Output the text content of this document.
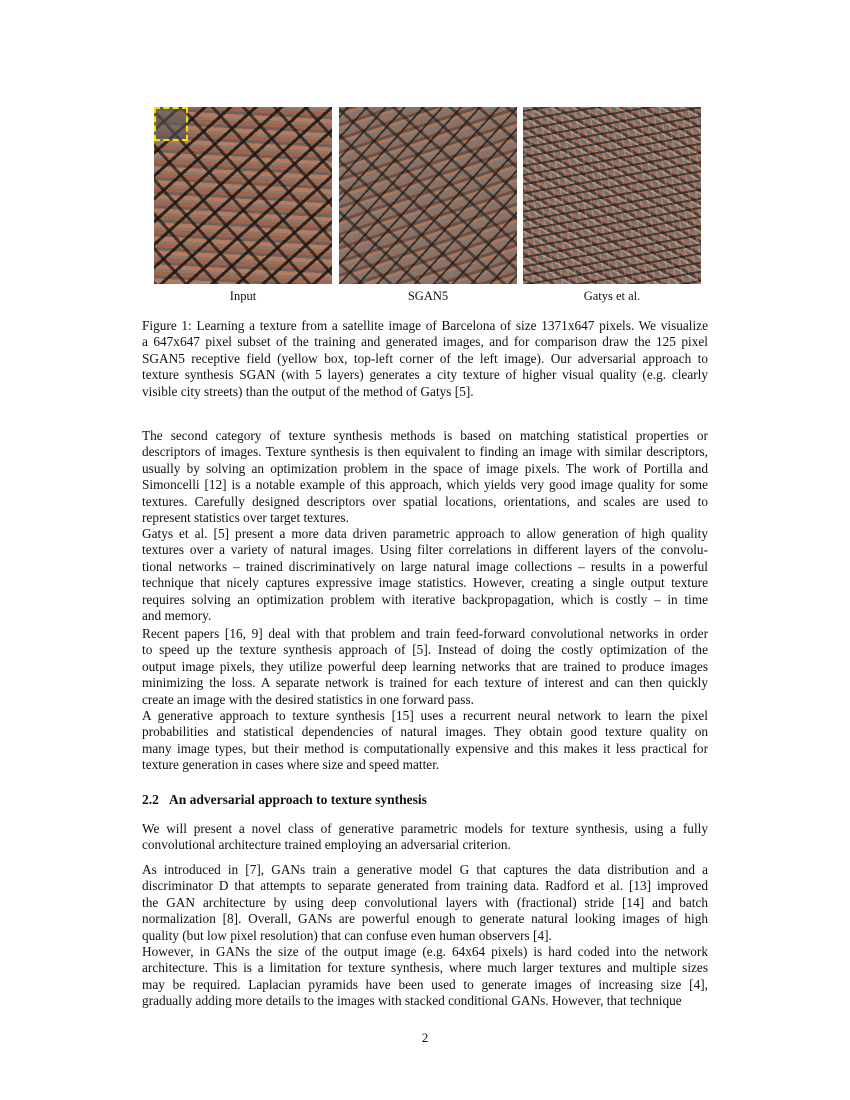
Input	SGAN5	Gatys et al.
Figure 1: Learning a texture from a satellite image of Barcelona of size 1371x647 pixels. We visualize
a 647x647 pixel subset of the training and generated images, and for comparison draw the 125 pixel
SGAN5 receptive field (yellow box, top-left corner of the left image). Our adversarial approach to
texture synthesis SGAN (with 5 layers) generates a city texture of higher visual quality (e.g. clearly
visible city streets) than the output of the method of Gatys [5].
The second category of texture synthesis methods is based on matching statistical properties or
descriptors of images. Texture synthesis is then equivalent to finding an image with similar descriptors,
usually by solving an optimization problem in the space of image pixels. The work of Portilla and
Simoncelli [12] is a notable example of this approach, which yields very good image quality for some
textures. Carefully designed descriptors over spatial locations, orientations, and scales are used to
represent statistics over target textures.
Gatys et al. [5] present a more data driven parametric approach to allow generation of high quality
textures over a variety of natural images. Using filter correlations in different layers of the convolu-
tional networks – trained discriminatively on large natural image collections – results in a powerful
technique that nicely captures expressive image statistics. However, creating a single output texture
requires solving an optimization problem with iterative backpropagation, which is costly – in time
and memory.
Recent papers [16, 9] deal with that problem and train feed-forward convolutional networks in order
to speed up the texture synthesis approach of [5]. Instead of doing the costly optimization of the
output image pixels, they utilize powerful deep learning networks that are trained to produce images
minimizing the loss. A separate network is trained for each texture of interest and can then quickly
create an image with the desired statistics in one forward pass.
A generative approach to texture synthesis [15] uses a recurrent neural network to learn the pixel
probabilities and statistical dependencies of natural images. They obtain good texture quality on
many image types, but their method is computationally expensive and this makes it less practical for
texture generation in cases where size and speed matter.
2.2 An adversarial approach to texture synthesis
We will present a novel class of generative parametric models for texture synthesis, using a fully
convolutional architecture trained employing an adversarial criterion.
As introduced in [7], GANs train a generative model G that captures the data distribution and a
discriminator D that attempts to separate generated from training data. Radford et al. [13] improved
the GAN architecture by using deep convolutional layers with (fractional) stride [14] and batch
normalization [8]. Overall, GANs are powerful enough to generate natural looking images of high
quality (but low pixel resolution) that can confuse even human observers [4].
However, in GANs the size of the output image (e.g. 64x64 pixels) is hard coded into the network
architecture. This is a limitation for texture synthesis, where much larger textures and multiple sizes
may be required. Laplacian pyramids have been used to generate images of increasing size [4],
gradually adding more details to the images with stacked conditional GANs. However, that technique
2
